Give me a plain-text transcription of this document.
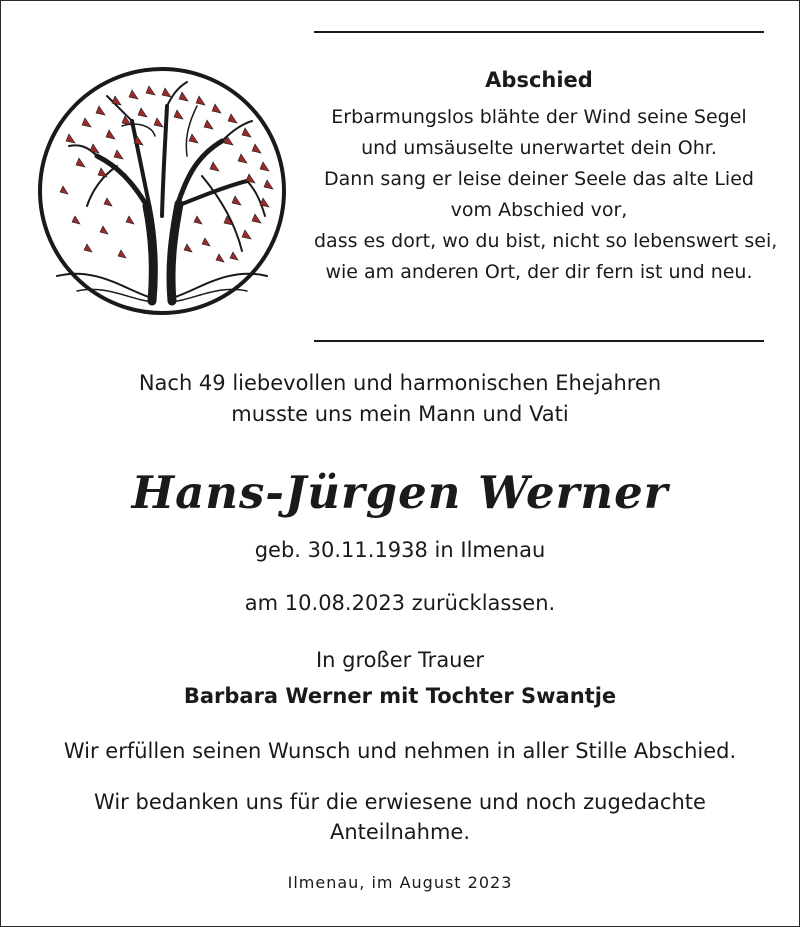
Abschied
Erbarmungslos blähte der Wind seine Segel
und umsäuselte unerwartet dein Ohr.
Dann sang er leise deiner Seele das alte Lied
vom Abschied vor,
dass es dort, wo du bist, nicht so lebenswert sei,
wie am anderen Ort, der dir fern ist und neu.
Nach 49 liebevollen und harmonischen Ehejahren
musste uns mein Mann und Vati
Hans-Jürgen Werner
geb. 30.11.1938 in Ilmenau
am 10.08.2023 zurücklassen.
In großer Trauer
Barbara Werner mit Tochter Swantje
Wir erfüllen seinen Wunsch und nehmen in aller Stille Abschied.
Wir bedanken uns für die erwiesene und noch zugedachte
Anteilnahme.
Ilmenau, im August 2023
